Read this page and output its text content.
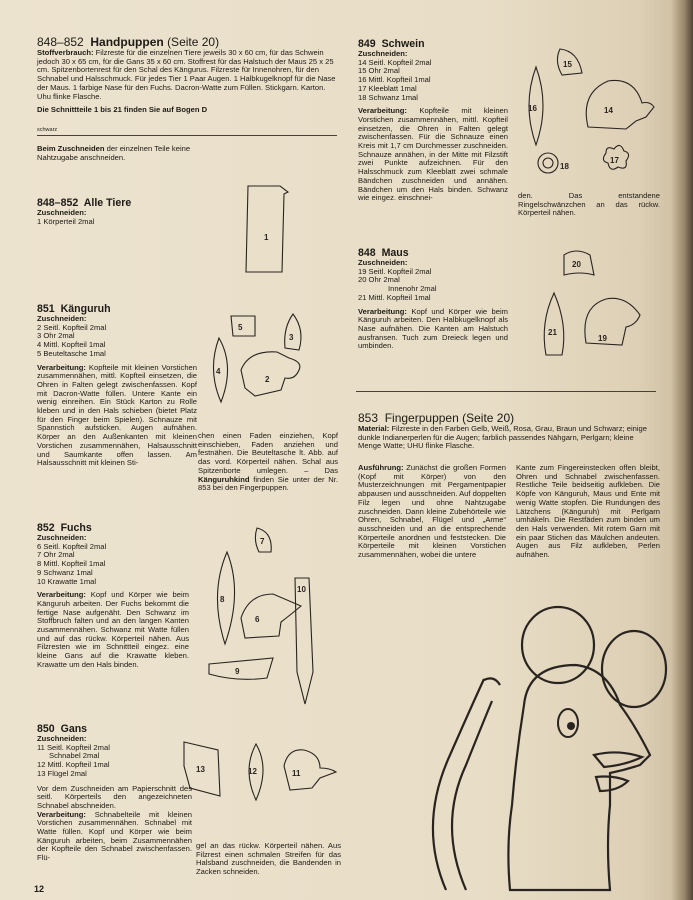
848–852 Handpuppen (Seite 20)

Stoffverbrauch: Filzreste für die einzelnen Tiere jeweils 30 x 60 cm, für das Schwein jedoch 30 x 65 cm, für die Gans 35 x 60 cm. Stoffrest für das Halstuch der Maus 25 x 25 cm. Spitzenbortenrest für den Schal des Kängurus. Filzreste für Innenohren, für den Schnabel und Halsschmuck. Für jedes Tier 1 Paar Augen. 1 Halbkugelknopf für die Nase der Maus. 1 farbige Nase für den Fuchs. Dacron-Watte zum Füllen. Stickgarn. Karton. Uhu flinke Flasche.

Die Schnittteile 1 bis 21 finden Sie auf Bogen D

schwarz

Beim Zuschneiden der einzelnen Teile keine Nahtzugabe anschneiden.

848–852 Alle Tiere

Zuschneiden:

1 Körperteil 2mal

851 Känguruh

Zuschneiden:

2 Seitl. Kopfteil 2mal

3 Ohr 2mal

4 Mittl. Kopfteil 1mal

5 Beuteltasche 1mal

Verarbeitung: Kopfteile mit kleinen Vorstichen zusammennähen, mittl. Kopfteil einsetzen, die Ohren in Falten gelegt zwischenfassen. Kopf mit Dacron-Watte füllen. Untere Kante ein wenig einreihen. Ein Stück Karton zu Rolle kleben und in den Hals schieben (bietet Platz für den Finger beim Spielen). Schnauze mit Spannstich aufsticken. Augen aufnähen. Körper an den Außenkanten mit kleinen Vorstichen zusammennähen, Halsausschnitt und Saumkante offen lassen. Am Halsausschnitt mit kleinen Sti-

chen einen Faden einziehen, Kopf einschieben, Faden anziehen und festnähen. Die Beuteltasche lt. Abb. auf das vord. Körperteil nähen. Schal aus Spitzenborte umlegen. – Das Känguruhkind finden Sie unter der Nr. 853 bei den Fingerpuppen.

852 Fuchs

Zuschneiden:

6 Seitl. Kopfteil 2mal

7 Ohr 2mal

8 Mittl. Kopfteil 1mal

9 Schwanz 1mal

10 Krawatte 1mal

Verarbeitung: Kopf und Körper wie beim Känguruh arbeiten. Der Fuchs bekommt die fertige Nase aufgenäht. Den Schwanz im Stoffbruch falten und an den langen Kanten zusammennähen. Schwanz mit Watte füllen und auf das rückw. Körperteil nähen. Aus Filzresten wie im Schnittteil eingez. eine kleine Gans auf die Krawatte kleben. Krawatte um den Hals binden.

850 Gans

Zuschneiden:

11 Seitl. Kopfteil 2mal

Schnabel 2mal

12 Mittl. Kopfteil 1mal

13 Flügel 2mal

Vor dem Zuschneiden am Papierschnitt des seitl. Körperteils den angezeichneten Schnabel abschneiden.

Verarbeitung: Schnabelteile mit kleinen Vorstichen zusammennähen. Schnabel mit Watte füllen. Kopf und Körper wie beim Känguruh arbeiten, beim Zusammennähen der Kopfteile den Schnabel zwischenfassen. Flü-

gel an das rückw. Körperteil nähen. Aus Filzrest einen schmalen Streifen für das Halsband zuschneiden, die Bandenden in Zacken schneiden.

849 Schwein

Zuschneiden:

14 Seitl. Kopfteil 2mal

15 Ohr 2mal

16 Mittl. Kopfteil 1mal

17 Kleeblatt 1mal

18 Schwanz 1mal

Verarbeitung: Kopfteile mit kleinen Vorstichen zusammennähen, mittl. Kopfteil einsetzen, die Ohren in Falten gelegt zwischenfassen. Für die Schnauze einen Kreis mit 1,7 cm Durchmesser zuschneiden. Schnauze annähen, in der Mitte mit Filzstift zwei Punkte aufzeichnen. Für den Halsschmuck zum Kleeblatt zwei schmale Bändchen zuschneiden und annähen. Bändchen um den Hals binden. Schwanz wie eingez. einschnei-	den. Das entstandene Ringelschwänzchen an das rückw. Körperteil nähen.

848 Maus

Zuschneiden:

19 Seitl. Kopfteil 2mal

20 Ohr 2mal

Innenohr 2mal

21 Mittl. Kopfteil 1mal

Verarbeitung: Kopf und Körper wie beim Känguruh arbeiten. Den Halbkugelknopf als Nase aufnähen. Die Kanten am Halstuch ausfransen. Tuch zum Dreieck legen und umbinden.

853 Fingerpuppen (Seite 20)

Material: Filzreste in den Farben Gelb, Weiß, Rosa, Grau, Braun und Schwarz; einige dunkle Indianerperlen für die Augen; farblich passendes Nähgarn, Perlgarn; kleine Menge Watte; UHU flinke Flasche.

Ausführung: Zunächst die großen Formen (Kopf mit Körper) von den Musterzeichnungen mit Pergamentpapier abpausen und ausschneiden. Auf doppelten Filz legen und ohne Nahtzugabe zuschneiden. Dann kleine Zubehörteile wie Ohren, Schnabel, Flügel und „Arme“ ausschneiden und an die entsprechende Körperteile anordnen und feststecken. Die Körperteile mit kleinen Vorstichen zusammennähen, wobei die untere

Kante zum Fingereinstecken offen bleibt, Ohren und Schnabel zwischenfassen. Restliche Teile beidseitig aufkleben. Die Köpfe von Känguruh, Maus und Ente mit wenig Watte stopfen. Die Rundungen des Lätzchens (Känguruh) mit Perlgarn umhäkeln. Die Restfäden zum binden um den Hals verwenden. Mit rotem Garn mit ein paar Stichen das Mäulchen andeuten. Augen aus Filz aufkleben, Perlen aufnähen.

1
5
3
4
2
7
8
6
10
9
13	12	11
15
16	14
18
17
20
21
19
12
